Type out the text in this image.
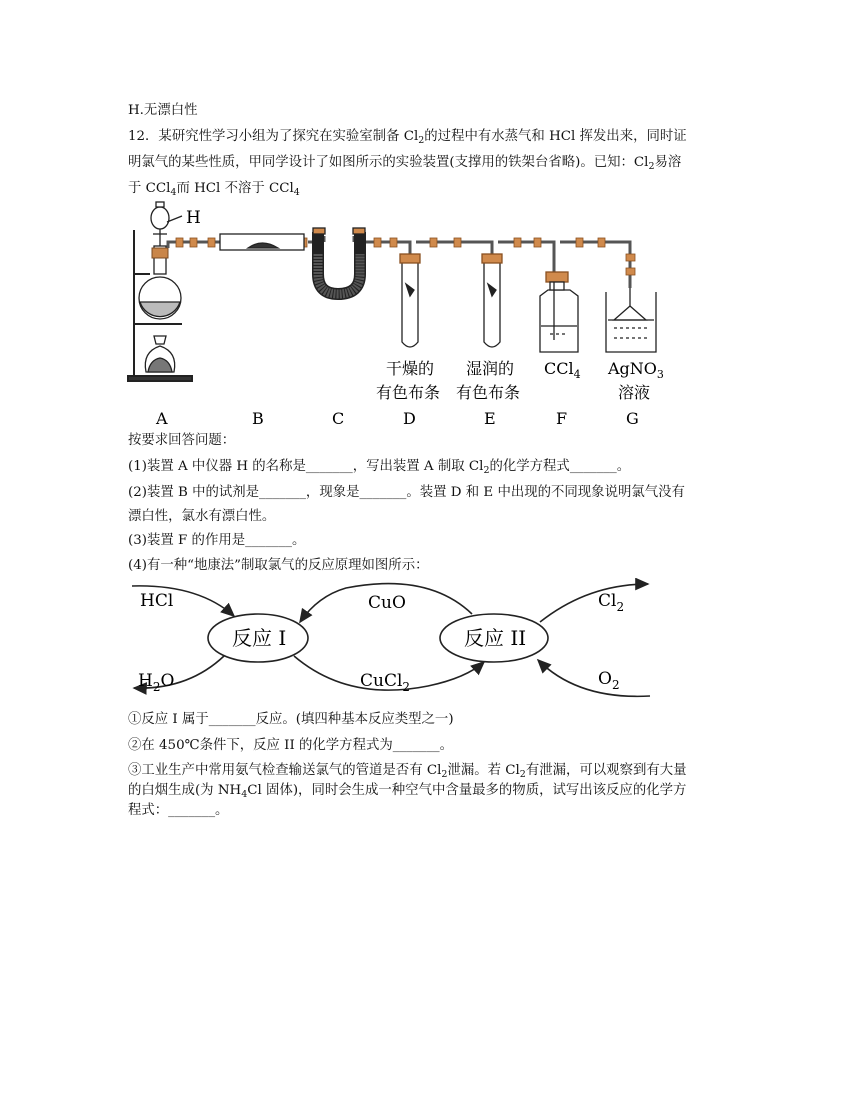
H.无漂白性
12．某研究性学习小组为了探究在实验室制备 $Cl_2$的过程中有水蒸气和 HCl 挥发出来，同时证
明氯气的某些性质，甲同学设计了如图所示的实验装置(支撑用的铁架台省略)。已知：$Cl_2$易溶
于 CCl$_4$而 HCl 不溶于 CCl$_4$
H
干燥的
有色布条
湿润的
有色布条
CCl$_4$ AgNO$_3$
溶液
A	B	C	D	E	F	G
按要求回答问题：
(1)装置 A 中仪器 H 的名称是_______，写出装置 A 制取 $Cl_2$的化学方程式_______。
(2)装置 B 中的试剂是_______，现象是_______。装置 D 和 E 中出现的不同现象说明氯气没有
漂白性，氯水有漂白性。
(3)装置 F 的作用是_______。
(4)有一种“地康法”制取氯气的反应原理如图所示：
HCl	CuO	$Cl_2$
反应 I	反应 II
$H_2O$	CuCl$_2$	$O_2$
①反应 I 属于_______反应。(填四种基本反应类型之一)
②在 450℃条件下，反应 II 的化学方程式为_______。
③工业生产中常用氨气检查输送氯气的管道是否有 $Cl_2$泄漏。若 $Cl_2$有泄漏，可以观察到有大量
的白烟生成(为 $NH_4Cl$ 固体)，同时会生成一种空气中含量最多的物质，试写出该反应的化学方
程式：_______。
